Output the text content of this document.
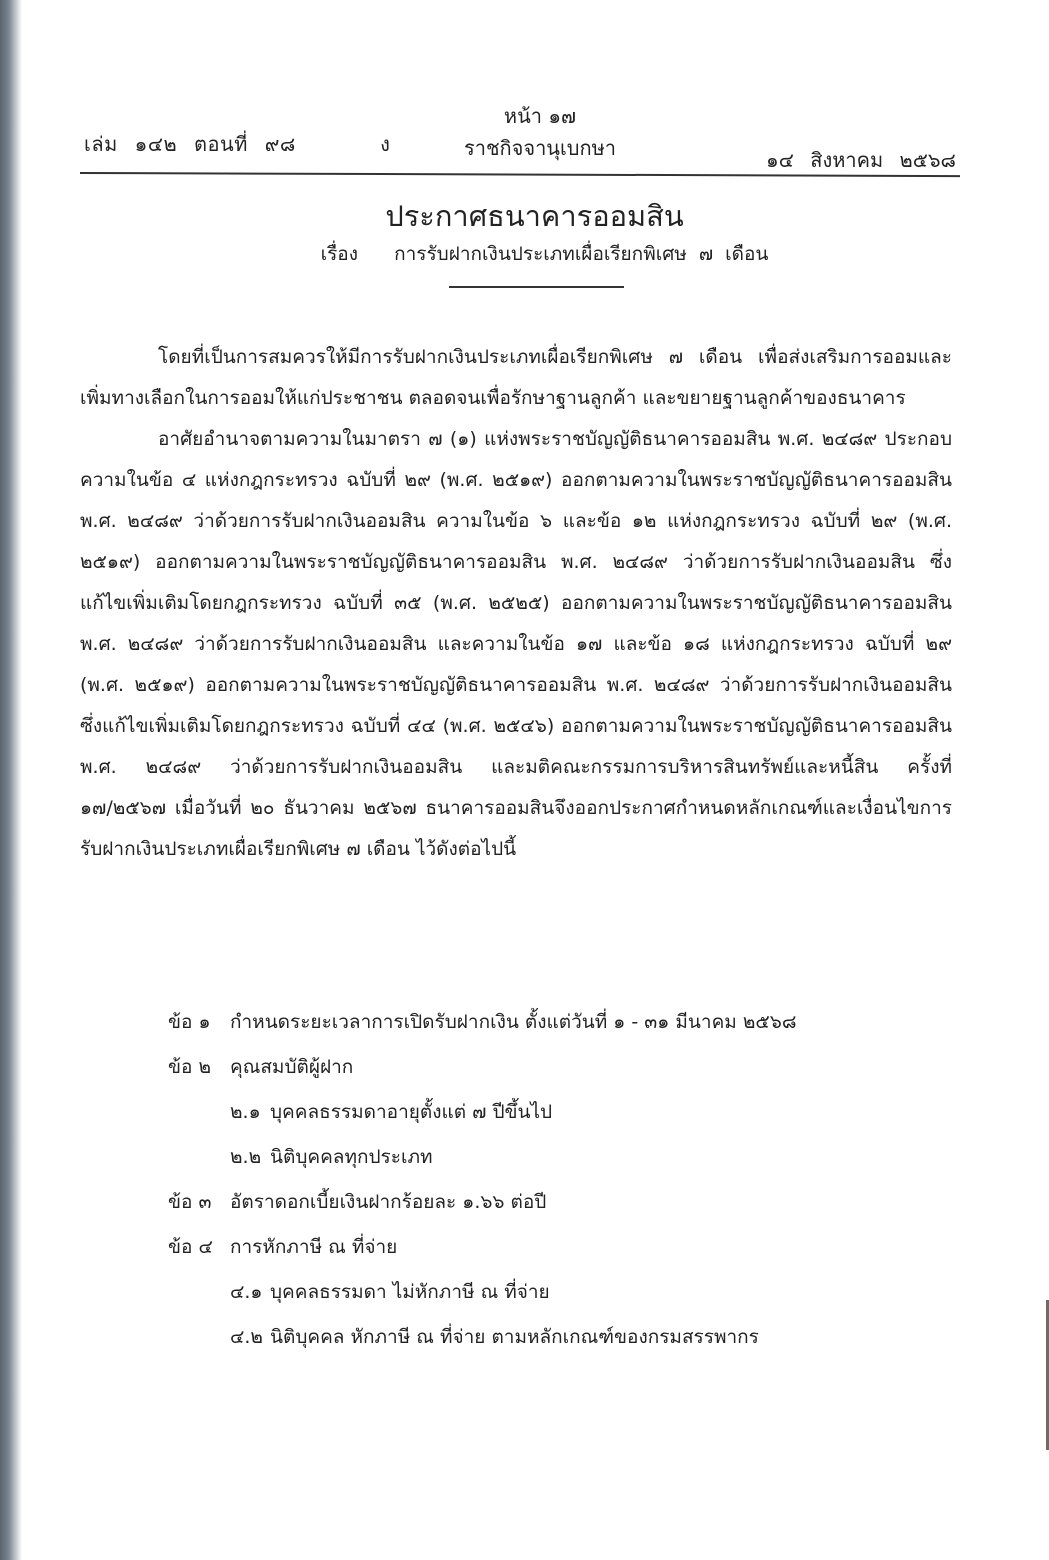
เล่ม ๑๔๒ ตอนที่ ๙๘	ง
หน้า ๑๗
ราชกิจจานุเบกษา	๑๔ สิงหาคม ๒๕๖๘
ประกาศธนาคารออมสิน
เรื่อง การรับฝากเงินประเภทเผื่อเรียกพิเศษ ๗ เดือน

โดยที่เป็นการสมควรให้มีการรับฝากเงินประเภทเผื่อเรียกพิเศษ ๗ เดือน เพื่อส่งเสริมการออมและเพิ่มทางเลือกในการออมให้แก่ประชาชน ตลอดจนเพื่อรักษาฐานลูกค้า และขยายฐานลูกค้าของธนาคาร

อาศัยอำนาจตามความในมาตรา ๗ (๑) แห่งพระราชบัญญัติธนาคารออมสิน พ.ศ. ๒๔๘๙ ประกอบความในข้อ ๔ แห่งกฎกระทรวง ฉบับที่ ๒๙ (พ.ศ. ๒๕๑๙) ออกตามความในพระราชบัญญัติธนาคารออมสิน พ.ศ. ๒๔๘๙ ว่าด้วยการรับฝากเงินออมสิน ความในข้อ ๖ และข้อ ๑๒ แห่งกฎกระทรวง ฉบับที่ ๒๙ (พ.ศ. ๒๕๑๙) ออกตามความในพระราชบัญญัติธนาคารออมสิน พ.ศ. ๒๔๘๙ ว่าด้วยการรับฝากเงินออมสิน ซึ่งแก้ไขเพิ่มเติมโดยกฎกระทรวง ฉบับที่ ๓๕ (พ.ศ. ๒๕๒๕) ออกตามความในพระราชบัญญัติธนาคารออมสิน พ.ศ. ๒๔๘๙ ว่าด้วยการรับฝากเงินออมสิน และความในข้อ ๑๗ และข้อ ๑๘ แห่งกฎกระทรวง ฉบับที่ ๒๙ (พ.ศ. ๒๕๑๙) ออกตามความในพระราชบัญญัติธนาคารออมสิน พ.ศ. ๒๔๘๙ ว่าด้วยการรับฝากเงินออมสิน ซึ่งแก้ไขเพิ่มเติมโดยกฎกระทรวง ฉบับที่ ๔๔ (พ.ศ. ๒๕๔๖) ออกตามความในพระราชบัญญัติธนาคารออมสิน พ.ศ. ๒๔๘๙ ว่าด้วยการรับฝากเงินออมสิน และมติคณะกรรมการบริหารสินทรัพย์และหนี้สิน ครั้งที่ ๑๗/๒๕๖๗ เมื่อวันที่ ๒๐ ธันวาคม ๒๕๖๗ ธนาคารออมสินจึงออกประกาศกำหนดหลักเกณฑ์และเงื่อนไขการรับฝากเงินประเภทเผื่อเรียกพิเศษ ๗ เดือน ไว้ดังต่อไปนี้

ข้อ ๑ กำหนดระยะเวลาการเปิดรับฝากเงิน ตั้งแต่วันที่ ๑ - ๓๑ มีนาคม ๒๕๖๘

ข้อ ๒ คุณสมบัติผู้ฝาก

๒.๑ บุคคลธรรมดาอายุตั้งแต่ ๗ ปีขึ้นไป

๒.๒ นิติบุคคลทุกประเภท

ข้อ ๓ อัตราดอกเบี้ยเงินฝากร้อยละ ๑.๖๖ ต่อปี

ข้อ ๔ การหักภาษี ณ ที่จ่าย

๔.๑ บุคคลธรรมดา ไม่หักภาษี ณ ที่จ่าย

๔.๒ นิติบุคคล หักภาษี ณ ที่จ่าย ตามหลักเกณฑ์ของกรมสรรพากร
